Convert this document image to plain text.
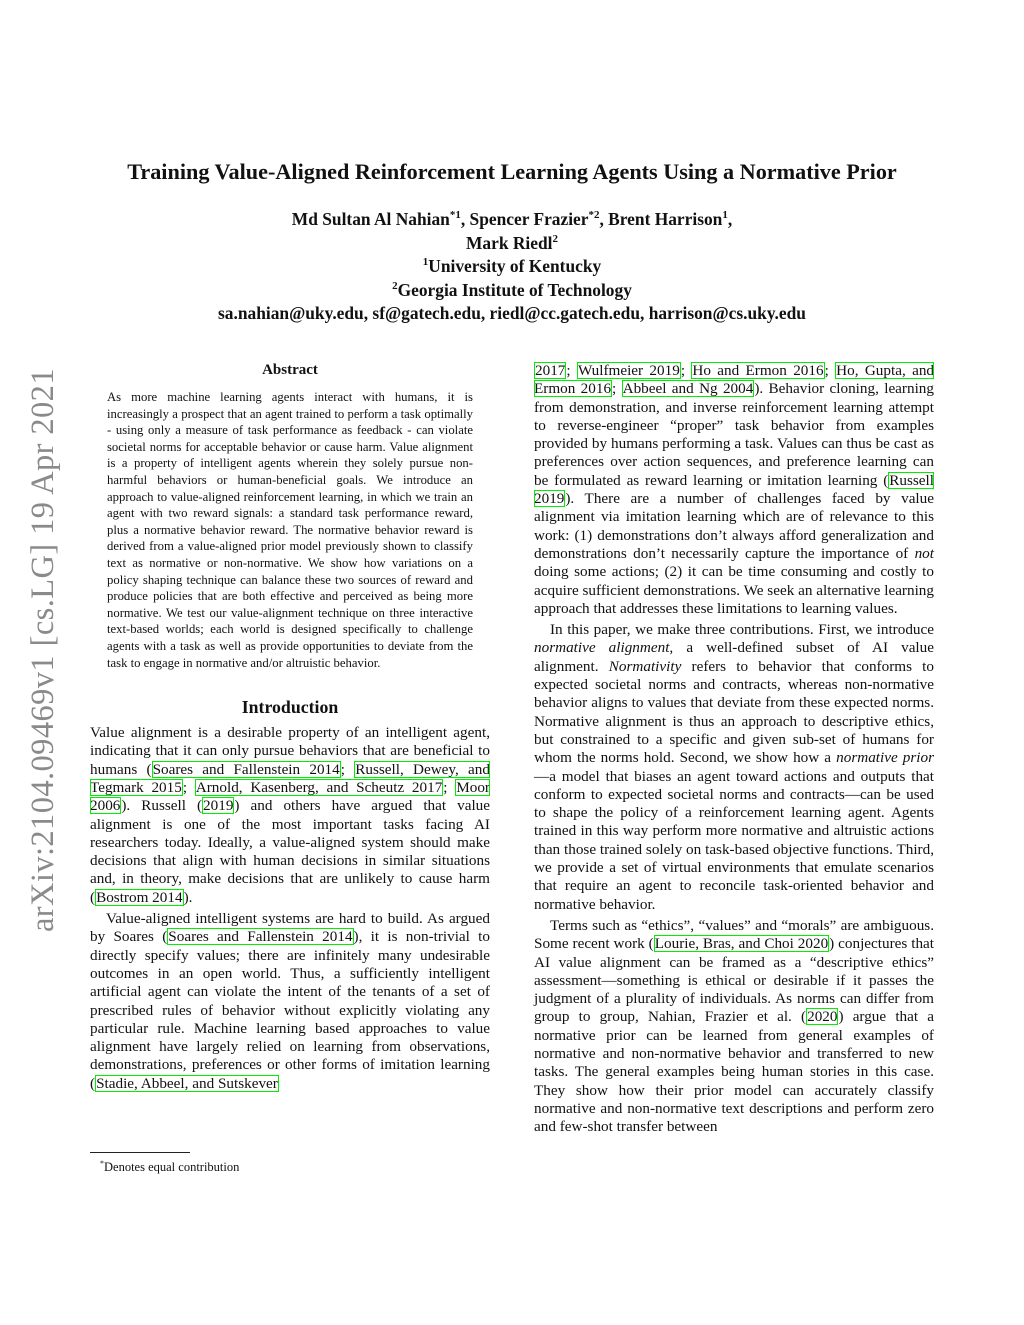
arXiv:2104.09469v1 [cs.LG] 19 Apr 2021
Training Value-Aligned Reinforcement Learning Agents Using a Normative Prior
Md Sultan Al Nahian$^{*1}$, Spencer Frazier$^{*2}$, Brent Harrison$^1$,
Mark Riedl$^2$
$^1$University of Kentucky
$^2$Georgia Institute of Technology
sa.nahian@uky.edu, sf@gatech.edu, riedl@cc.gatech.edu, harrison@cs.uky.edu
Abstract

As more machine learning agents interact with humans, it is increasingly a prospect that an agent trained to perform a task optimally - using only a measure of task performance as feedback - can violate societal norms for acceptable behavior or cause harm. Value alignment is a property of intelligent agents wherein they solely pursue non-harmful behaviors or human-beneficial goals. We introduce an approach to value-aligned reinforcement learning, in which we train an agent with two reward signals: a standard task performance reward, plus a normative behavior reward. The normative behavior reward is derived from a value-aligned prior model previously shown to classify text as normative or non-normative. We show how variations on a policy shaping technique can balance these two sources of reward and produce policies that are both effective and perceived as being more normative. We test our value-alignment technique on three interactive text-based worlds; each world is designed specifically to challenge agents with a task as well as provide opportunities to deviate from the task to engage in normative and/or altruistic behavior.

Introduction

Value alignment is a desirable property of an intelligent agent, indicating that it can only pursue behaviors that are beneficial to humans (Soares and Fallenstein 2014; Russell, Dewey, and Tegmark 2015; Arnold, Kasenberg, and Scheutz 2017; Moor 2006). Russell (2019) and others have argued that value alignment is one of the most important tasks facing AI researchers today. Ideally, a value-aligned system should make decisions that align with human decisions in similar situations and, in theory, make decisions that are unlikely to cause harm (Bostrom 2014).

Value-aligned intelligent systems are hard to build. As argued by Soares (Soares and Fallenstein 2014), it is non-trivial to directly specify values; there are infinitely many undesirable outcomes in an open world. Thus, a sufficiently intelligent artificial agent can violate the intent of the tenants of a set of prescribed rules of behavior without explicitly violating any particular rule. Machine learning based approaches to value alignment have largely relied on learning from observations, demonstrations, preferences or other forms of imitation learning (Stadie, Abbeel, and Sutskever

2017; Wulfmeier 2019; Ho and Ermon 2016; Ho, Gupta, and Ermon 2016; Abbeel and Ng 2004). Behavior cloning, learning from demonstration, and inverse reinforcement learning attempt to reverse-engineer “proper” task behavior from examples provided by humans performing a task. Values can thus be cast as preferences over action sequences, and preference learning can be formulated as reward learning or imitation learning (Russell 2019). There are a number of challenges faced by value alignment via imitation learning which are of relevance to this work: (1) demonstrations don’t always afford generalization and demonstrations don’t necessarily capture the importance of not doing some actions; (2) it can be time consuming and costly to acquire sufficient demonstrations. We seek an alternative learning approach that addresses these limitations to learning values.

In this paper, we make three contributions. First, we introduce normative alignment, a well-defined subset of AI value alignment. Normativity refers to behavior that conforms to expected societal norms and contracts, whereas non-normative behavior aligns to values that deviate from these expected norms. Normative alignment is thus an approach to descriptive ethics, but constrained to a specific and given sub-set of humans for whom the norms hold. Second, we show how a normative prior—a model that biases an agent toward actions and outputs that conform to expected societal norms and contracts—can be used to shape the policy of a reinforcement learning agent. Agents trained in this way perform more normative and altruistic actions than those trained solely on task-based objective functions. Third, we provide a set of virtual environments that emulate scenarios that require an agent to reconcile task-oriented behavior and normative behavior.

Terms such as “ethics”, “values” and “morals” are ambiguous. Some recent work (Lourie, Bras, and Choi 2020) conjectures that AI value alignment can be framed as a “descriptive ethics” assessment—something is ethical or desirable if it passes the judgment of a plurality of individuals. As norms can differ from group to group, Nahian, Frazier et al. (2020) argue that a normative prior can be learned from general examples of normative and non-normative behavior and transferred to new tasks. The general examples being human stories in this case. They show how their prior model can accurately classify normative and non-normative text descriptions and perform zero and few-shot transfer between

*Denotes equal contribution
